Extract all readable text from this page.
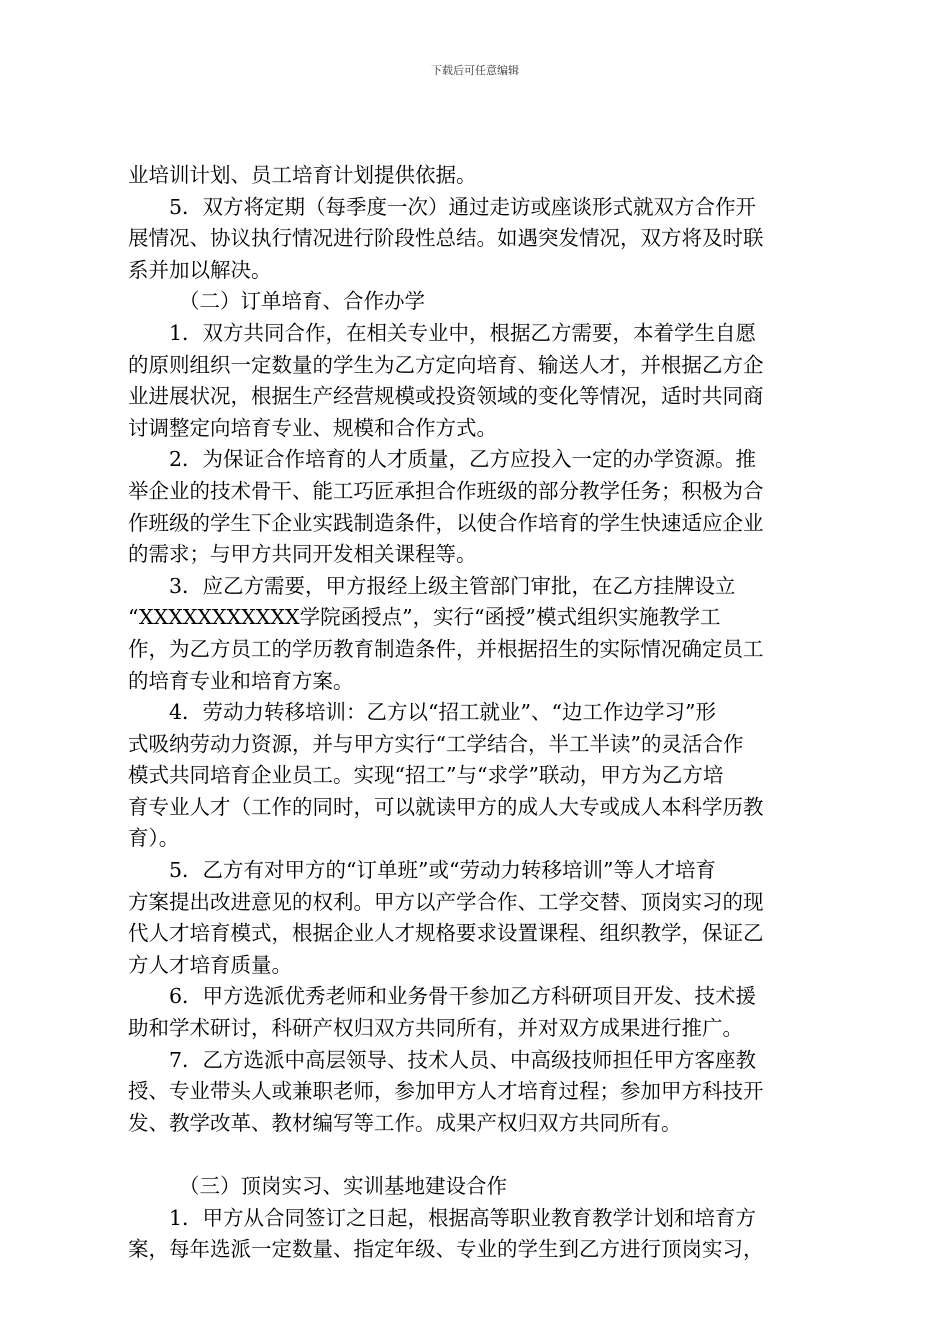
下载后可任意编辑
业培训计划、员工培育计划提供依据。
5．双方将定期（每季度一次）通过走访或座谈形式就双方合作开
展情况、协议执行情况进行阶段性总结。如遇突发情况，双方将及时联
系并加以解决。
（二）订单培育、合作办学
1．双方共同合作，在相关专业中，根据乙方需要，本着学生自愿
的原则组织一定数量的学生为乙方定向培育、输送人才，并根据乙方企
业进展状况，根据生产经营规模或投资领域的变化等情况，适时共同商
讨调整定向培育专业、规模和合作方式。
2．为保证合作培育的人才质量，乙方应投入一定的办学资源。推
举企业的技术骨干、能工巧匠承担合作班级的部分教学任务；积极为合
作班级的学生下企业实践制造条件，以使合作培育的学生快速适应企业
的需求；与甲方共同开发相关课程等。
3．应乙方需要，甲方报经上级主管部门审批，在乙方挂牌设立
“XXXXXXXXXXX学院函授点”，实行“函授”模式组织实施教学工
作，为乙方员工的学历教育制造条件，并根据招生的实际情况确定员工
的培育专业和培育方案。
4．劳动力转移培训：乙方以“招工就业”、“边工作边学习”形
式吸纳劳动力资源，并与甲方实行“工学结合，半工半读”的灵活合作
模式共同培育企业员工。实现“招工”与“求学”联动，甲方为乙方培
育专业人才（工作的同时，可以就读甲方的成人大专或成人本科学历教
育）。
5．乙方有对甲方的“订单班”或“劳动力转移培训”等人才培育
方案提出改进意见的权利。甲方以产学合作、工学交替、顶岗实习的现
代人才培育模式，根据企业人才规格要求设置课程、组织教学，保证乙
方人才培育质量。
6．甲方选派优秀老师和业务骨干参加乙方科研项目开发、技术援
助和学术研讨，科研产权归双方共同所有，并对双方成果进行推广。
7．乙方选派中高层领导、技术人员、中高级技师担任甲方客座教
授、专业带头人或兼职老师，参加甲方人才培育过程；参加甲方科技开
发、教学改革、教材编写等工作。成果产权归双方共同所有。
（三）顶岗实习、实训基地建设合作
1．甲方从合同签订之日起，根据高等职业教育教学计划和培育方
案，每年选派一定数量、指定年级、专业的学生到乙方进行顶岗实习，
